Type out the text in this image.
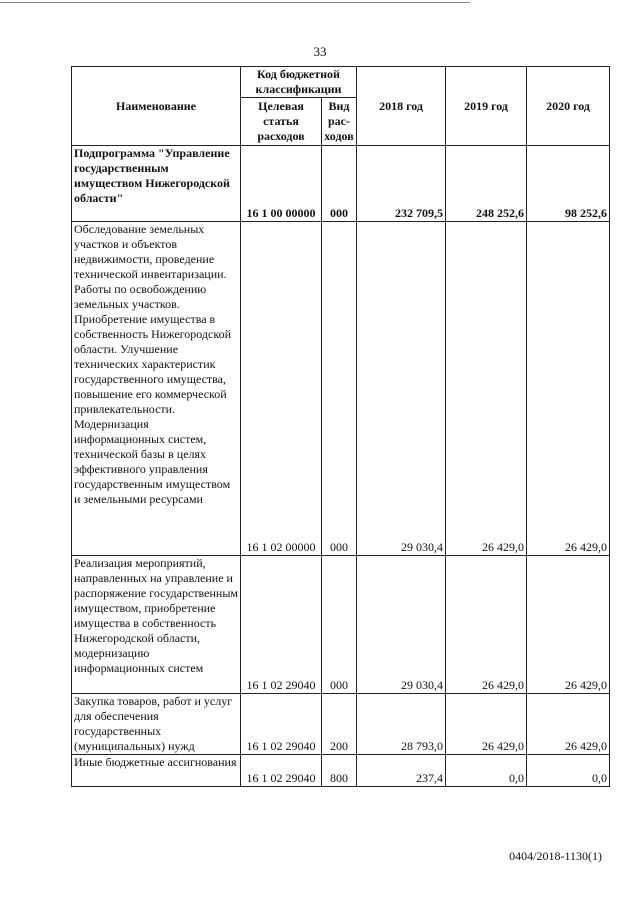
33
Наименование	Код бюджетной классификации		2018 год	2019 год	2020 год
	Целевая статья расходов	Вид рас-ходов			
Подпрограмма "Управление государственным имуществом Нижегородской области"	16 1 00 00000	000	232 709,5	248 252,6	98 252,6
Обследование земельных участков и объектов недвижимости, проведение технической инвентаризации. Работы по освобождению земельных участков. Приобретение имущества в собственность Нижегородской области. Улучшение технических характеристик государственного имущества, повышение его коммерческой привлекательности. Модернизация информационных систем, технической базы в целях эффективного управления государственным имуществом и земельными ресурсами	16 1 02 00000	000	29 030,4	26 429,0	26 429,0
Реализация мероприятий, направленных на управление и распоряжение государственным имуществом, приобретение имущества в собственность Нижегородской области, модернизацию информационных систем	16 1 02 29040	000	29 030,4	26 429,0	26 429,0
Закупка товаров, работ и услуг для обеспечения государственных (муниципальных) нужд	16 1 02 29040	200	28 793,0	26 429,0	26 429,0
Иные бюджетные ассигнования	16 1 02 29040	800	237,4	0,0	0,0
0404/2018-1130(1)
